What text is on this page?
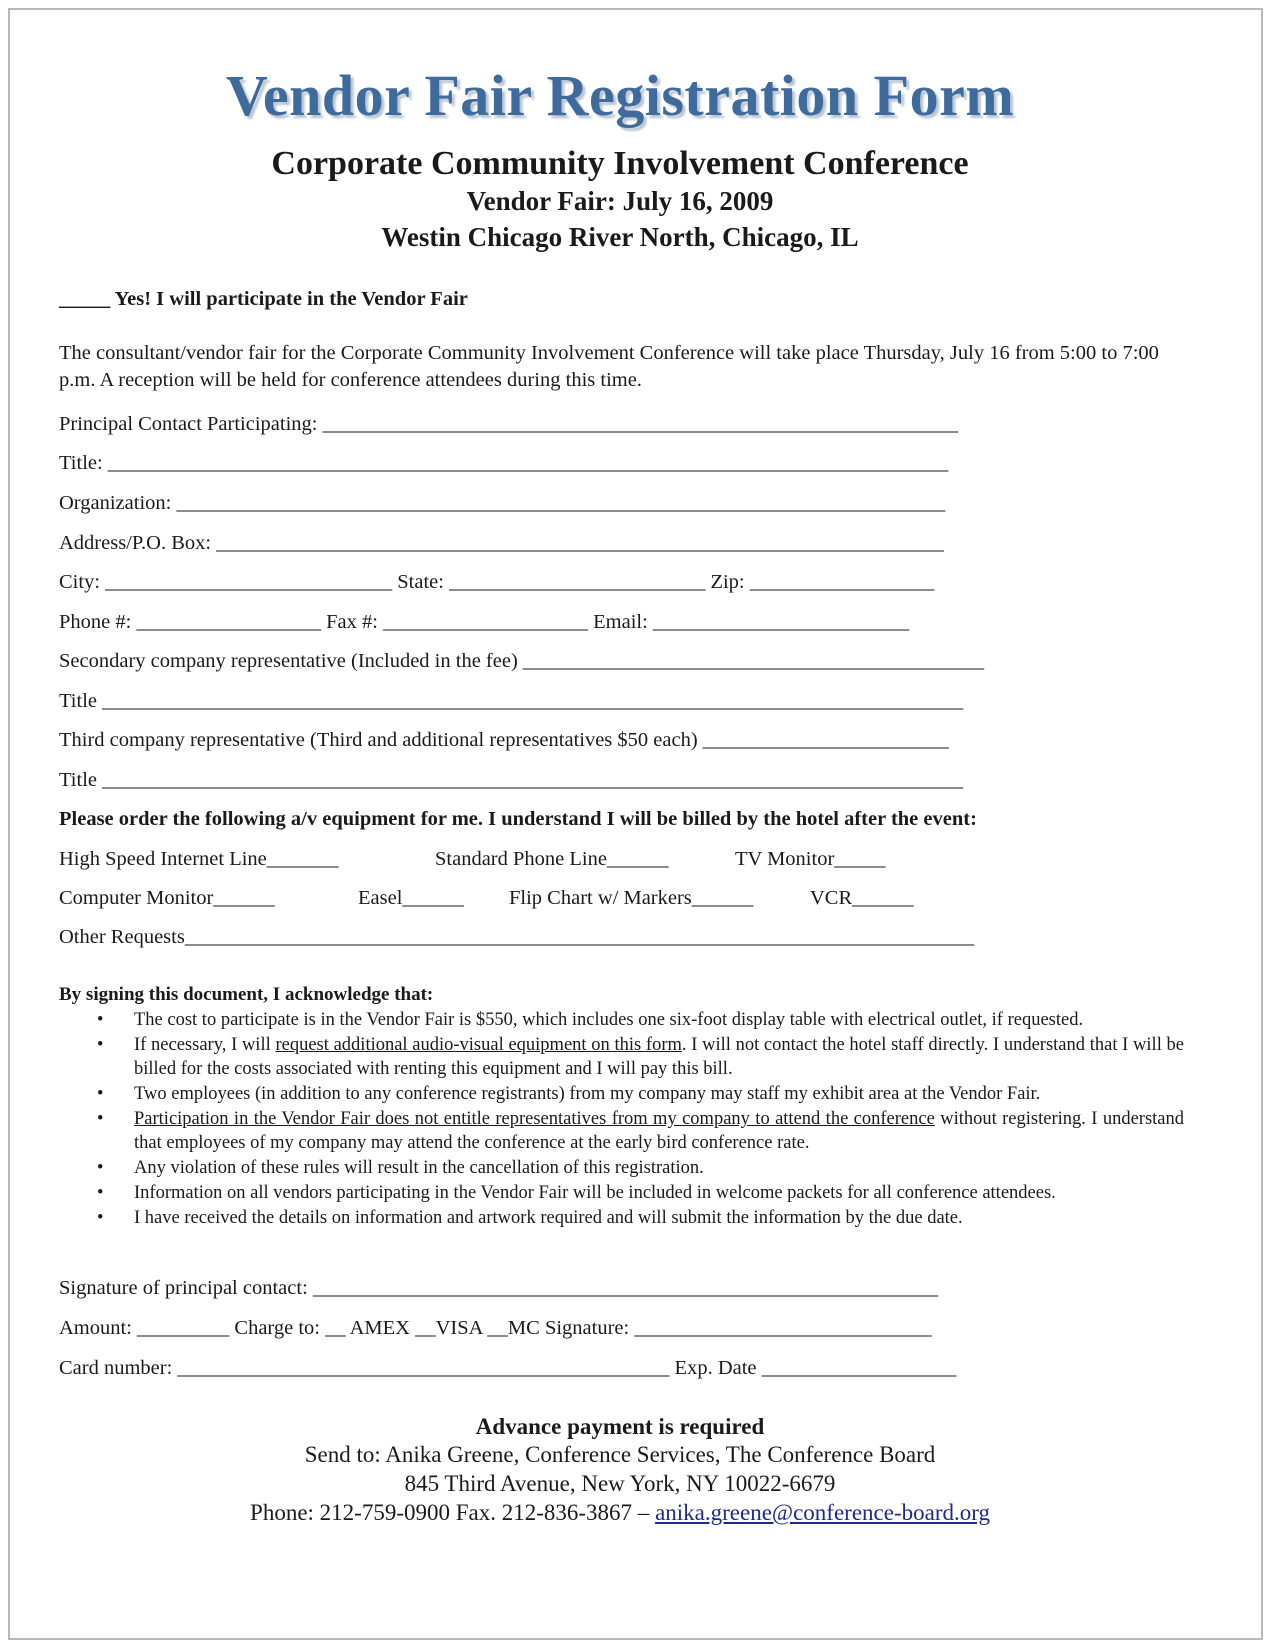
Vendor Fair Registration Form
Corporate Community Involvement Conference
Vendor Fair: July 16, 2009
Westin Chicago River North, Chicago, IL
_____ Yes! I will participate in the Vendor Fair
The consultant/vendor fair for the Corporate Community Involvement Conference will take place Thursday, July 16 from 5:00 to 7:00 p.m. A reception will be held for conference attendees during this time.
Principal Contact Participating: ______________________________________________________________
Title: __________________________________________________________________________________
Organization: ___________________________________________________________________________
Address/P.O. Box: _______________________________________________________________________
City: ____________________________ State: _________________________ Zip: __________________
Phone #: __________________ Fax #: ____________________ Email: _________________________
Secondary company representative (Included in the fee) _____________________________________________
Title ____________________________________________________________________________________
Third company representative (Third and additional representatives $50 each) ________________________
Title ____________________________________________________________________________________
Please order the following a/v equipment for me. I understand I will be billed by the hotel after the event:
High Speed Internet Line_______	Standard Phone Line______	TV Monitor_____
Computer Monitor______	Easel______ Flip Chart w/ Markers______	VCR______
Other Requests_____________________________________________________________________________
By signing this document, I acknowledge that:
• The cost to participate is in the Vendor Fair is $550, which includes one six-foot display table with electrical outlet, if requested.
• If necessary, I will request additional audio-visual equipment on this form. I will not contact the hotel staff directly. I understand that I will be billed for the costs associated with renting this equipment and I will pay this bill.
• Two employees (in addition to any conference registrants) from my company may staff my exhibit area at the Vendor Fair.
• Participation in the Vendor Fair does not entitle representatives from my company to attend the conference without registering. I understand that employees of my company may attend the conference at the early bird conference rate.
• Any violation of these rules will result in the cancellation of this registration.
• Information on all vendors participating in the Vendor Fair will be included in welcome packets for all conference attendees.
• I have received the details on information and artwork required and will submit the information by the due date.
Signature of principal contact: _____________________________________________________________
Amount: _________ Charge to: __ AMEX __VISA __MC Signature: _____________________________
Card number: ________________________________________________ Exp. Date ___________________
Advance payment is required
Send to: Anika Greene, Conference Services, The Conference Board
845 Third Avenue, New York, NY 10022-6679
Phone: 212-759-0900 Fax. 212-836-3867 – anika.greene@conference-board.org
